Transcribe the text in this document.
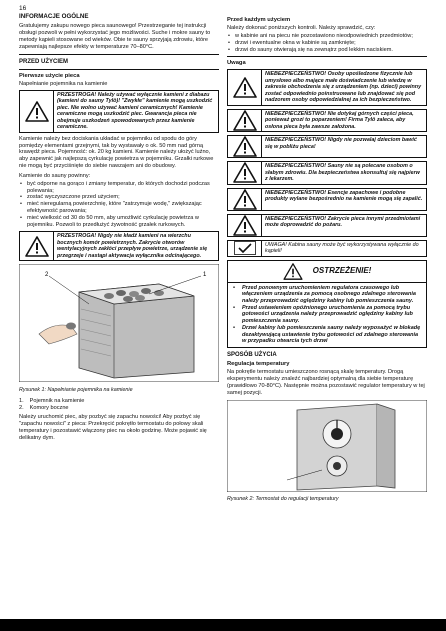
16
INFORMACJE OGÓLNE

Gratulujemy zakupu nowego pieca saunowego! Przestrzeganie tej instrukcji obsługi pozwoli w pełni wykorzystać jego możliwości. Suche i mokre sauny to metody kąpieli stosowane od wieków. Obie te sauny sprzyjają zdrowiu, które zapewniają najlepsze efekty w temperaturze 70–80°C.

PRZED UŻYCIEM
Pierwsze użycie pieca

Napełnianie pojemnika na kamienie

PRZESTROGA! Należy używać wyłącznie kamieni z diabazu (kamieni do sauny Tylö)! "Zwykłe" kamienie mogą uszkodzić piec. Nie wolno używać kamieni ceramicznych! Kamienie ceramiczne mogą uszkodzić piec. Gwarancja pieca nie obejmuje uszkodzeń spowodowanych przez kamienie ceramiczne.

Kamienie należy bez dociskania układać w pojemniku od spodu do góry pomiędzy elementami grzejnymi, tak by wystawały o ok. 50 mm nad górną krawędź pieca. Pojemność: ok. 20 kg kamieni. Kamienie należy ułożyć luźno, aby zapewnić jak najlepszą cyrkulację powietrza w pojemniku. Grzałki rurkowe nie mogą być przyciśnięte do siebie nawzajem ani do obudowy.

Kamienie do sauny powinny:

• być odporne na gorąco i zmiany temperatur, do których dochodzi podczas polewania;
• zostać wyczyszczone przed użyciem;
• mieć nieregularną powierzchnię, które "zatrzymuje wodę," zwiększając efektywność parowania;
• mieć wielkość od 30 do 50 mm, aby umożliwić cyrkulację powietrza w pojemniku. Pozwoli to przedłużyć żywotność grzałek rurkowych.
PRZESTROGA! Nigdy nie kładź kamieni na wierzchu bocznych komór powietrznych. Zakrycie otworów wentylacyjnych zakłóci przepływ powietrze, urządzenie się przegrzeje i nastąpi aktywacja wyłącznika odcinającego.
2	1
Rysunek 1: Napełnianie pojemnika na kamienie
1. Pojemnik na kamienie
2. Komory boczne

Należy uruchomić piec, aby pozbyć się zapachu nowości! Aby pozbyć się "zapachu nowości" z pieca: Przekręcić pokrętło termostatu do połowy skali temperatury i pozostawić włączony piec na około godzinę. Może pojawić się delikatny dym.

Przed każdym użyciem

Należy dokonać poniższych kontroli. Należy sprawdzić, czy:

• w kabinie ani na piecu nie pozostawiono nieodpowiednich przedmiotów;
• drzwi i ewentualne okna w kabinie są zamknięte;
• drzwi do sauny otwierają się na zewnątrz pod lekkim naciskiem.
Uwaga
NIEBEZPIECZEŃSTWO! Osoby upośledzone fizycznie lub umysłowo albo mające małe doświadczenie lub wiedzę w zakresie obchodzenia się z urządzeniem (np. dzieci) powinny zostać odpowiednio poinstruowane lub znajdować się pod nadzorem osoby odpowiedzialnej za ich bezpieczeństwo.
NIEBEZPIECZEŃSTWO! Nie dotykaj górnych części pieca, ponieważ grozi to poparzeniem! Firma Tylö zaleca, aby osłona pieca była zawsze założona.
NIEBEZPIECZEŃSTWO! Nigdy nie pozwalaj dzieciom bawić się w pobliżu pieca!
NIEBEZPIECZEŃSTWO! Sauny nie są polecane osobom o słabym zdrowiu. Dla bezpieczeństwa skonsultuj się najpierw z lekarzem.
NIEBEZPIECZEŃSTWO! Esencje zapachowe i podobne produkty wylane bezpośrednio na kamienie mogą się zapalić.
NIEBEZPIECZEŃSTWO! Zakrycie pieca innymi przedmiotami może doprowadzić do pożaru.
UWAGA! Kabina sauny może być wykorzystywana wyłącznie do kąpieli!
OSTRZEŻENIE!
• Przed ponownym uruchomieniem regulatora czasowego lub włączeniem urządzenia za pomocą osobnego zdalnego sterowania należy przeprowadzić oględziny kabiny lub pomieszczenia sauny.
• Przed ustawieniem opóźnionego uruchomienia za pomocą trybu gotowości urządzenia należy przeprowadzić oględziny kabiny lub pomieszczenia sauny.
• Drzwi kabiny lub pomieszczenia sauny należy wyposażyć w blokadę dezaktywującą ustawienie trybu gotowości od zdalnego sterowania w przypadku otwarcia tych drzwi
SPOSÓB UŻYCIA
Regulacja temperatury

Na pokrętle termostatu umieszczono rosnącą skalę temperatury. Drogą eksperymentu należy znaleźć najbardziej optymalną dla siebie temperaturę (prawidłowo 70-80°C). Następnie można pozostawić regulator temperatury w tej samej pozycji.

Rysunek 2: Termostat do regulacji temperatury
